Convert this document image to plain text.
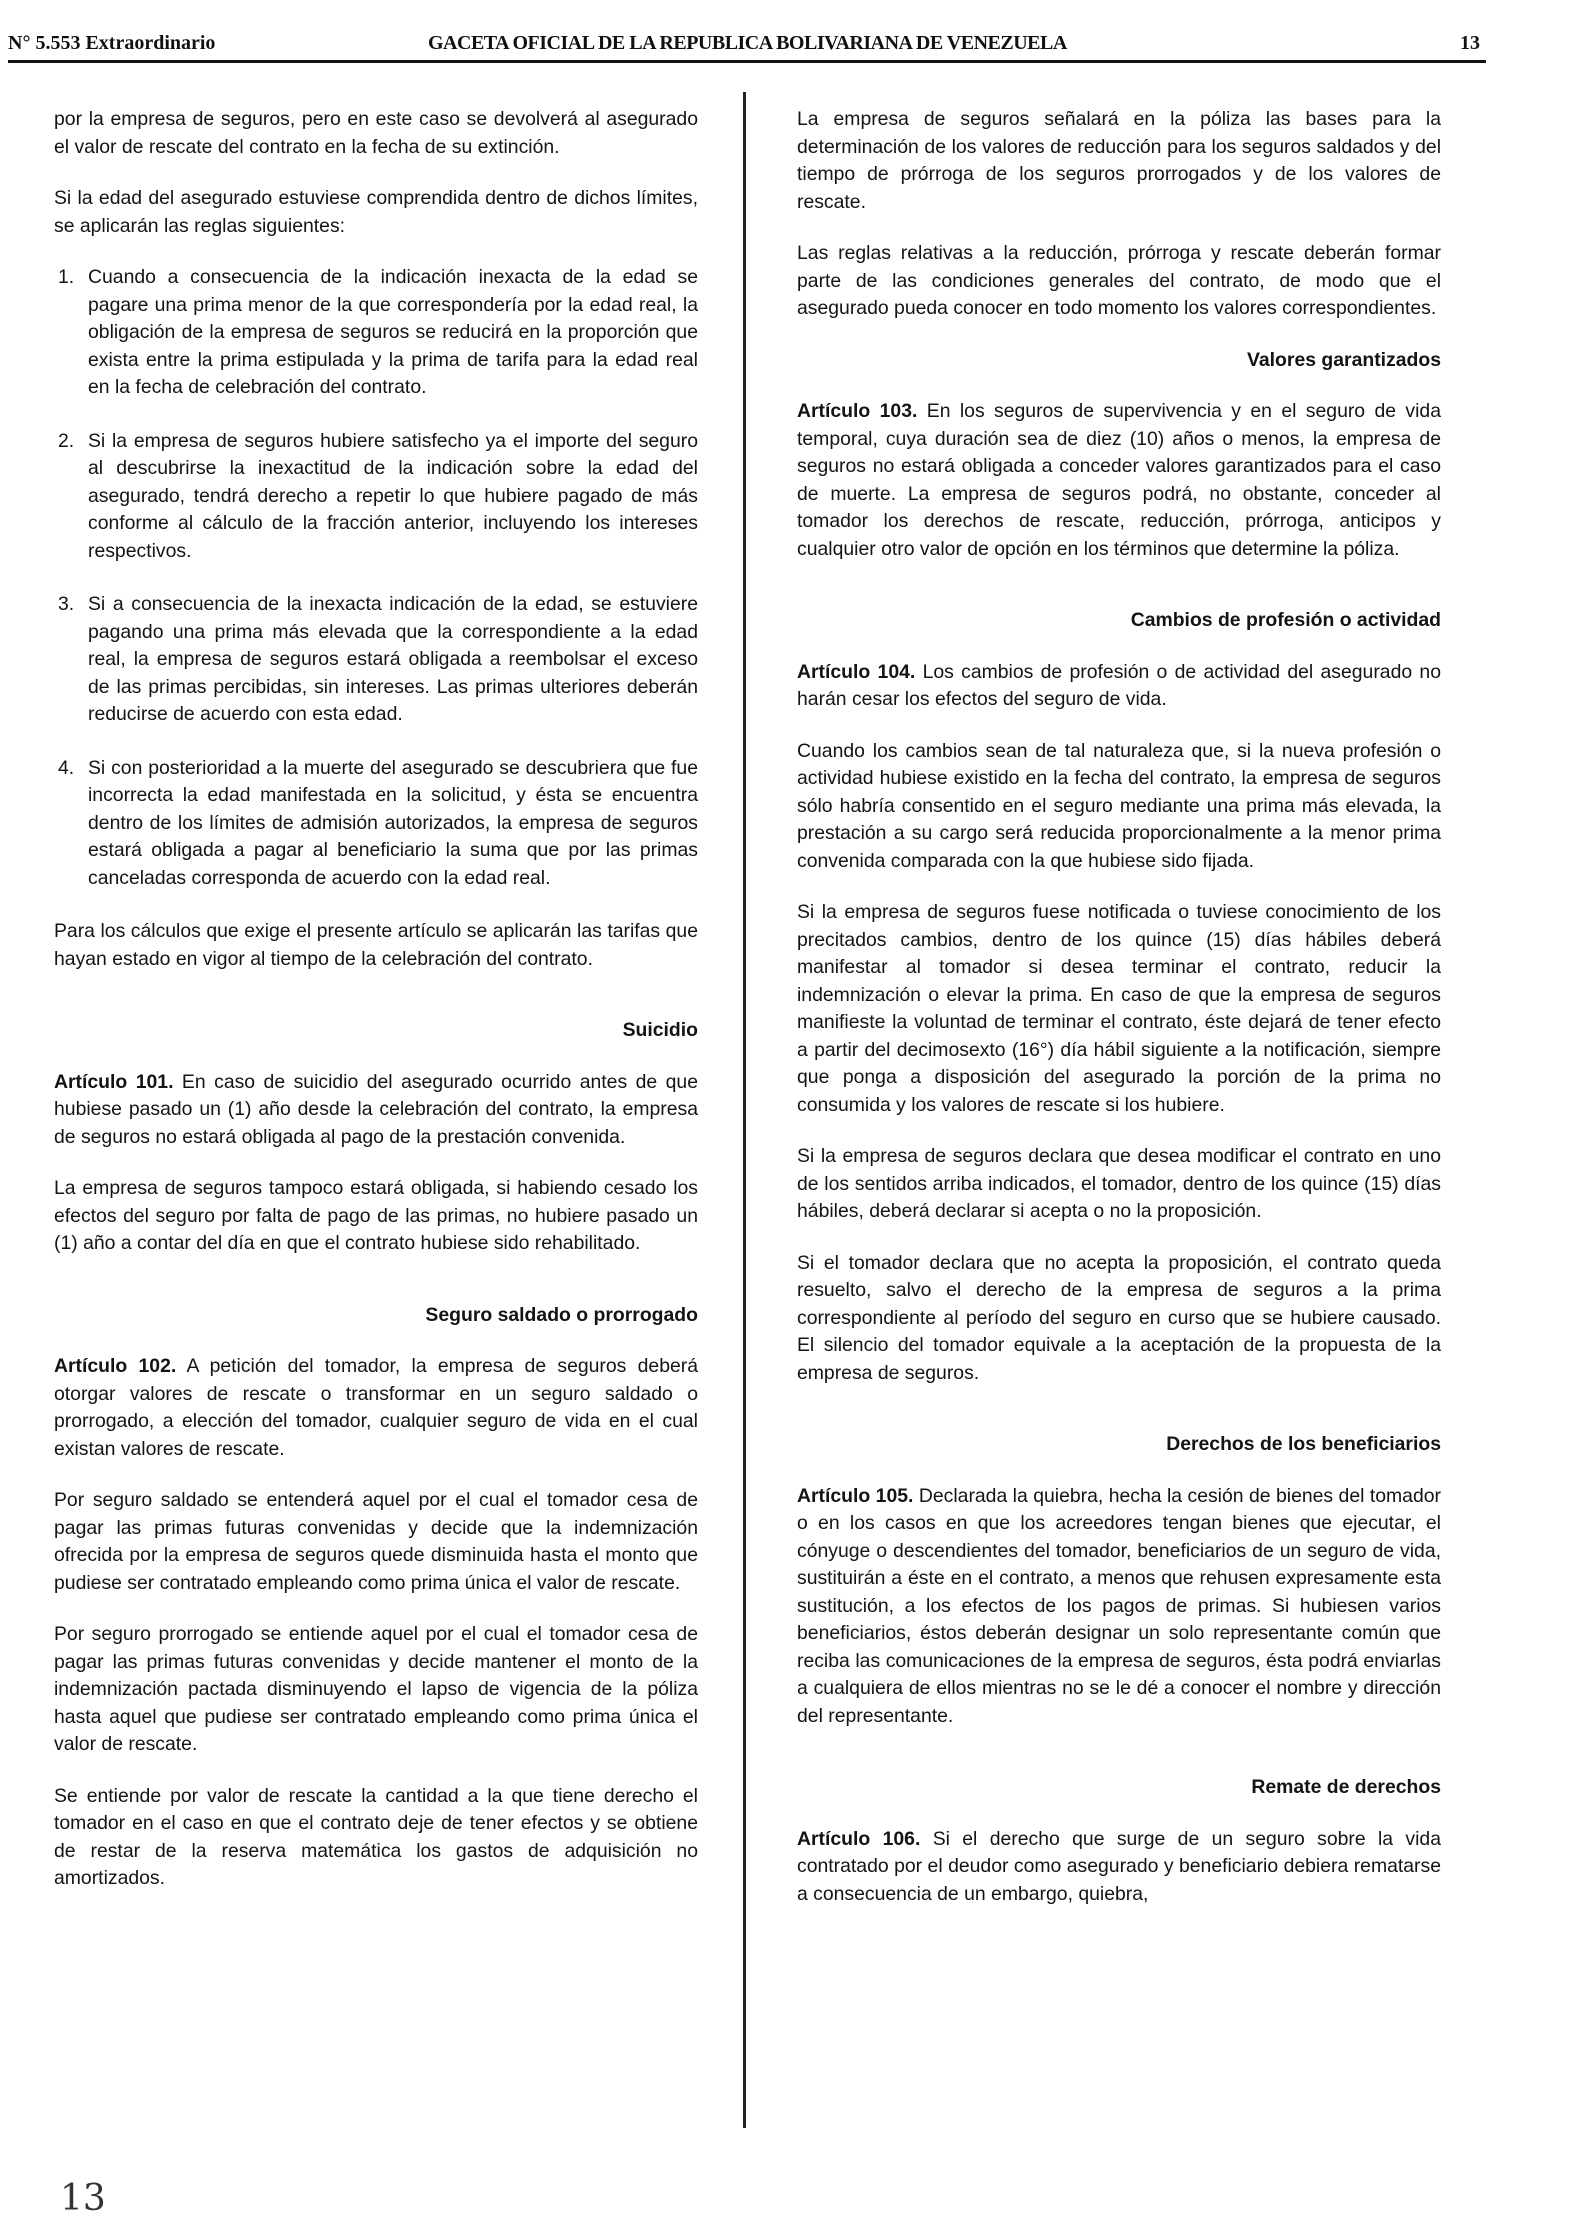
N° 5.553 Extraordinario	GACETA OFICIAL DE LA REPUBLICA BOLIVARIANA DE VENEZUELA	13

por la empresa de seguros, pero en este caso se devolverá al asegurado el valor de rescate del contrato en la fecha de su extinción.

Si la edad del asegurado estuviese comprendida dentro de dichos límites, se aplicarán las reglas siguientes:

1. Cuando a consecuencia de la indicación inexacta de la edad se pagare una prima menor de la que correspondería por la edad real, la obligación de la empresa de seguros se reducirá en la proporción que exista entre la prima estipulada y la prima de tarifa para la edad real en la fecha de celebración del contrato.
2. Si la empresa de seguros hubiere satisfecho ya el importe del seguro al descubrirse la inexactitud de la indicación sobre la edad del asegurado, tendrá derecho a repetir lo que hubiere pagado de más conforme al cálculo de la fracción anterior, incluyendo los intereses respectivos.
3. Si a consecuencia de la inexacta indicación de la edad, se estuviere pagando una prima más elevada que la correspondiente a la edad real, la empresa de seguros estará obligada a reembolsar el exceso de las primas percibidas, sin intereses. Las primas ulteriores deberán reducirse de acuerdo con esta edad.
4. Si con posterioridad a la muerte del asegurado se descubriera que fue incorrecta la edad manifestada en la solicitud, y ésta se encuentra dentro de los límites de admisión autorizados, la empresa de seguros estará obligada a pagar al beneficiario la suma que por las primas canceladas corresponda de acuerdo con la edad real.

Para los cálculos que exige el presente artículo se aplicarán las tarifas que hayan estado en vigor al tiempo de la celebración del contrato.

Suicidio

Artículo 101. En caso de suicidio del asegurado ocurrido antes de que hubiese pasado un (1) año desde la celebración del contrato, la empresa de seguros no estará obligada al pago de la prestación convenida.

La empresa de seguros tampoco estará obligada, si habiendo cesado los efectos del seguro por falta de pago de las primas, no hubiere pasado un (1) año a contar del día en que el contrato hubiese sido rehabilitado.

Seguro saldado o prorrogado

Artículo 102. A petición del tomador, la empresa de seguros deberá otorgar valores de rescate o transformar en un seguro saldado o prorrogado, a elección del tomador, cualquier seguro de vida en el cual existan valores de rescate.

Por seguro saldado se entenderá aquel por el cual el tomador cesa de pagar las primas futuras convenidas y decide que la indemnización ofrecida por la empresa de seguros quede disminuida hasta el monto que pudiese ser contratado empleando como prima única el valor de rescate.

Por seguro prorrogado se entiende aquel por el cual el tomador cesa de pagar las primas futuras convenidas y decide mantener el monto de la indemnización pactada disminuyendo el lapso de vigencia de la póliza hasta aquel que pudiese ser contratado empleando como prima única el valor de rescate.

Se entiende por valor de rescate la cantidad a la que tiene derecho el tomador en el caso en que el contrato deje de tener efectos y se obtiene de restar de la reserva matemática los gastos de adquisición no amortizados.

La empresa de seguros señalará en la póliza las bases para la determinación de los valores de reducción para los seguros saldados y del tiempo de prórroga de los seguros prorrogados y de los valores de rescate.

Las reglas relativas a la reducción, prórroga y rescate deberán formar parte de las condiciones generales del contrato, de modo que el asegurado pueda conocer en todo momento los valores correspondientes.

Valores garantizados

Artículo 103. En los seguros de supervivencia y en el seguro de vida temporal, cuya duración sea de diez (10) años o menos, la empresa de seguros no estará obligada a conceder valores garantizados para el caso de muerte. La empresa de seguros podrá, no obstante, conceder al tomador los derechos de rescate, reducción, prórroga, anticipos y cualquier otro valor de opción en los términos que determine la póliza.

Cambios de profesión o actividad

Artículo 104. Los cambios de profesión o de actividad del asegurado no harán cesar los efectos del seguro de vida.

Cuando los cambios sean de tal naturaleza que, si la nueva profesión o actividad hubiese existido en la fecha del contrato, la empresa de seguros sólo habría consentido en el seguro mediante una prima más elevada, la prestación a su cargo será reducida proporcionalmente a la menor prima convenida comparada con la que hubiese sido fijada.

Si la empresa de seguros fuese notificada o tuviese conocimiento de los precitados cambios, dentro de los quince (15) días hábiles deberá manifestar al tomador si desea terminar el contrato, reducir la indemnización o elevar la prima. En caso de que la empresa de seguros manifieste la voluntad de terminar el contrato, éste dejará de tener efecto a partir del decimosexto (16°) día hábil siguiente a la notificación, siempre que ponga a disposición del asegurado la porción de la prima no consumida y los valores de rescate si los hubiere.

Si la empresa de seguros declara que desea modificar el contrato en uno de los sentidos arriba indicados, el tomador, dentro de los quince (15) días hábiles, deberá declarar si acepta o no la proposición.

Si el tomador declara que no acepta la proposición, el contrato queda resuelto, salvo el derecho de la empresa de seguros a la prima correspondiente al período del seguro en curso que se hubiere causado. El silencio del tomador equivale a la aceptación de la propuesta de la empresa de seguros.

Derechos de los beneficiarios

Artículo 105. Declarada la quiebra, hecha la cesión de bienes del tomador o en los casos en que los acreedores tengan bienes que ejecutar, el cónyuge o descendientes del tomador, beneficiarios de un seguro de vida, sustituirán a éste en el contrato, a menos que rehusen expresamente esta sustitución, a los efectos de los pagos de primas. Si hubiesen varios beneficiarios, éstos deberán designar un solo representante común que reciba las comunicaciones de la empresa de seguros, ésta podrá enviarlas a cualquiera de ellos mientras no se le dé a conocer el nombre y dirección del representante.

Remate de derechos

Artículo 106. Si el derecho que surge de un seguro sobre la vida contratado por el deudor como asegurado y beneficiario debiera rematarse a consecuencia de un embargo, quiebra,

13
